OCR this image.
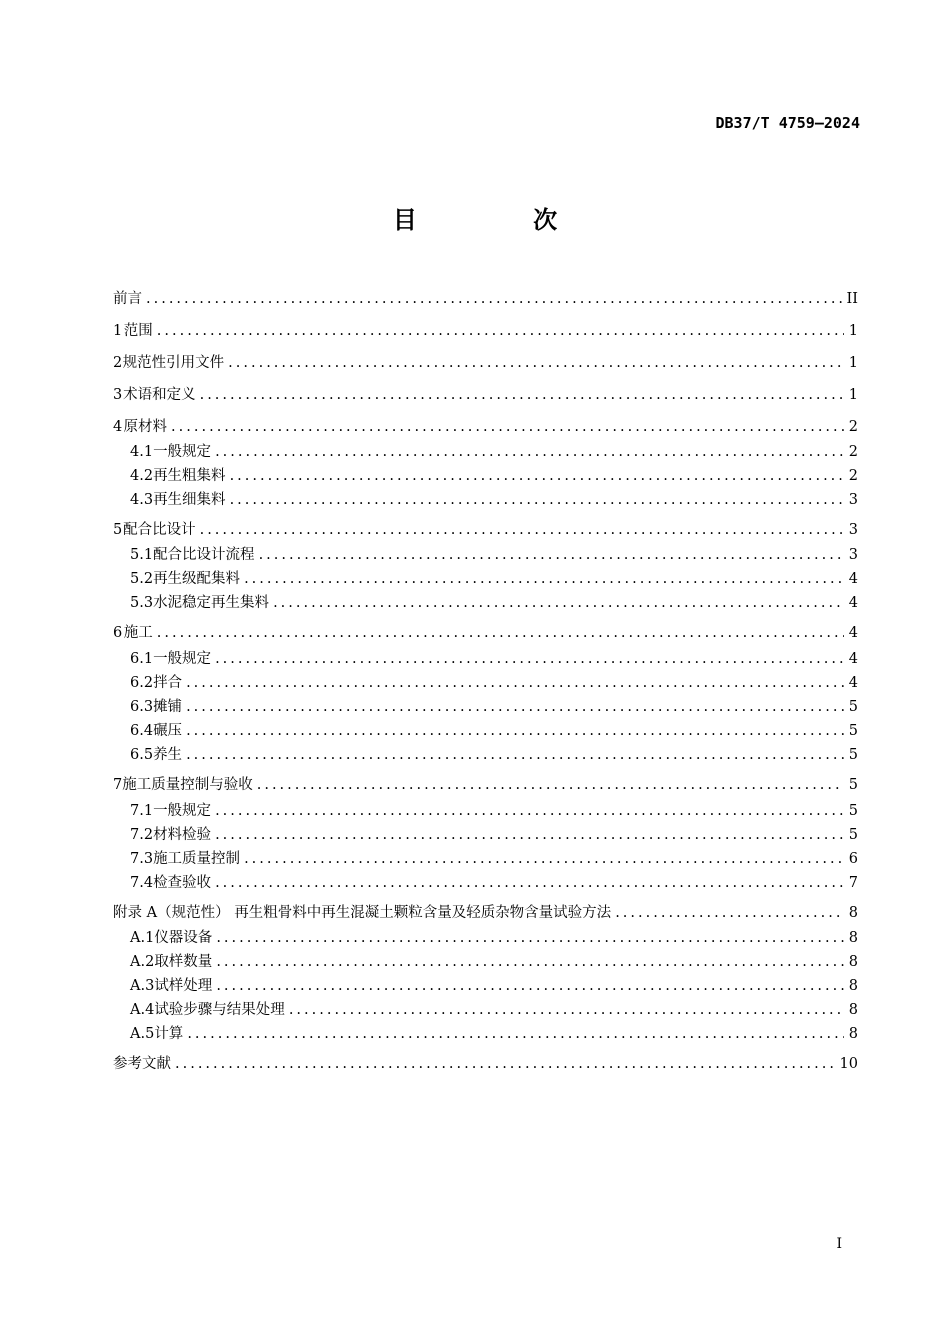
DB37/T 4759—2024
目 次
前言 .....	II
1 范围 .....	1
2 规范性引用文件 .....	1
3 术语和定义 .....	1
4 原材料 .....	2
4.1 一般规定 .....	2
4.2 再生粗集料 .....	2
4.3 再生细集料 .....	3
5 配合比设计 .....	3
5.1 配合比设计流程 .....	3
5.2 再生级配集料 .....	4
5.3 水泥稳定再生集料 .....	4
6 施工 .....	4
6.1 一般规定 .....	4
6.2 拌合 .....	4
6.3 摊铺 .....	5
6.4 碾压 .....	5
6.5 养生 .....	5
7 施工质量控制与验收 .....	5
7.1 一般规定 .....	5
7.2 材料检验 .....	5
7.3 施工质量控制 .....	6
7.4 检查验收 .....	7
附录 A（规范性） 再生粗骨料中再生混凝土颗粒含量及轻质杂物含量试验方法 .....	8
A.1 仪器设备 .....	8
A.2 取样数量 .....	8
A.3 试样处理 .....	8
A.4 试验步骤与结果处理 .....	8
A.5 计算 .....	8
参考文献 .....	10
I
